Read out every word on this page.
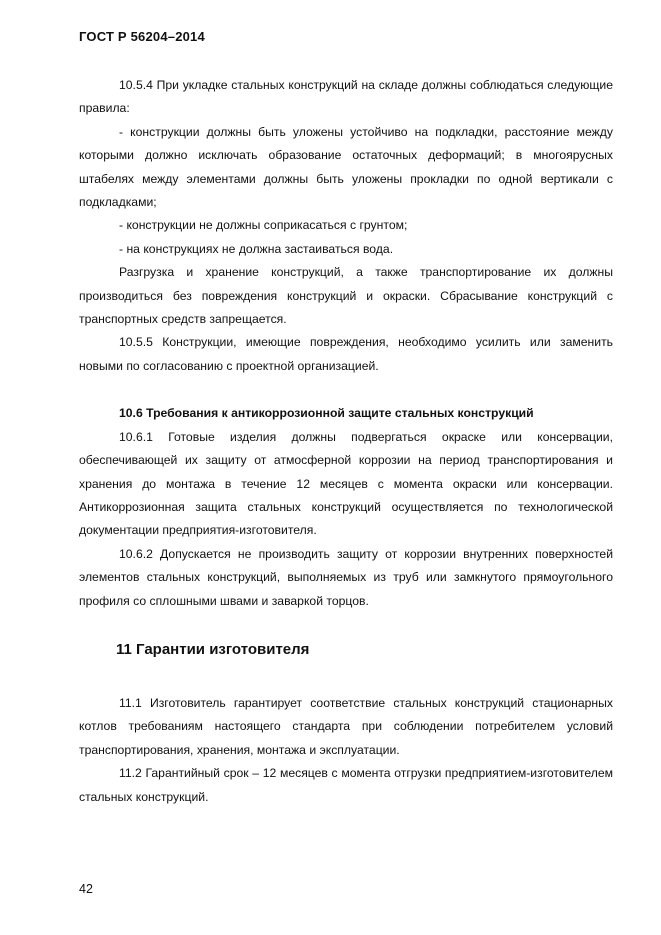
ГОСТ Р 56204–2014

10.5.4 При укладке стальных конструкций на складе должны соблюдаться следующие правила:

- конструкции должны быть уложены устойчиво на подкладки, расстояние между которыми должно исключать образование остаточных деформаций; в многоярусных штабелях между элементами должны быть уложены прокладки по одной вертикали с подкладками;

- конструкции не должны соприкасаться с грунтом;

- на конструкциях не должна застаиваться вода.

Разгрузка и хранение конструкций, а также транспортирование их должны производиться без повреждения конструкций и окраски. Сбрасывание конструкций с транспортных средств запрещается.

10.5.5 Конструкции, имеющие повреждения, необходимо усилить или заменить новыми по согласованию с проектной организацией.

10.6 Требования к антикоррозионной защите стальных конструкций

10.6.1 Готовые изделия должны подвергаться окраске или консервации, обеспечивающей их защиту от атмосферной коррозии на период транспортирования и хранения до монтажа в течение 12 месяцев с момента окраски или консервации. Антикоррозионная защита стальных конструкций осуществляется по технологической документации предприятия-изготовителя.

10.6.2 Допускается не производить защиту от коррозии внутренних поверхностей элементов стальных конструкций, выполняемых из труб или замкнутого прямоугольного профиля со сплошными швами и заваркой торцов.

11 Гарантии изготовителя

11.1 Изготовитель гарантирует соответствие стальных конструкций стационарных котлов требованиям настоящего стандарта при соблюдении потребителем условий транспортирования, хранения, монтажа и эксплуатации.

11.2 Гарантийный срок – 12 месяцев с момента отгрузки предприятием-изготовителем стальных конструкций.

42
